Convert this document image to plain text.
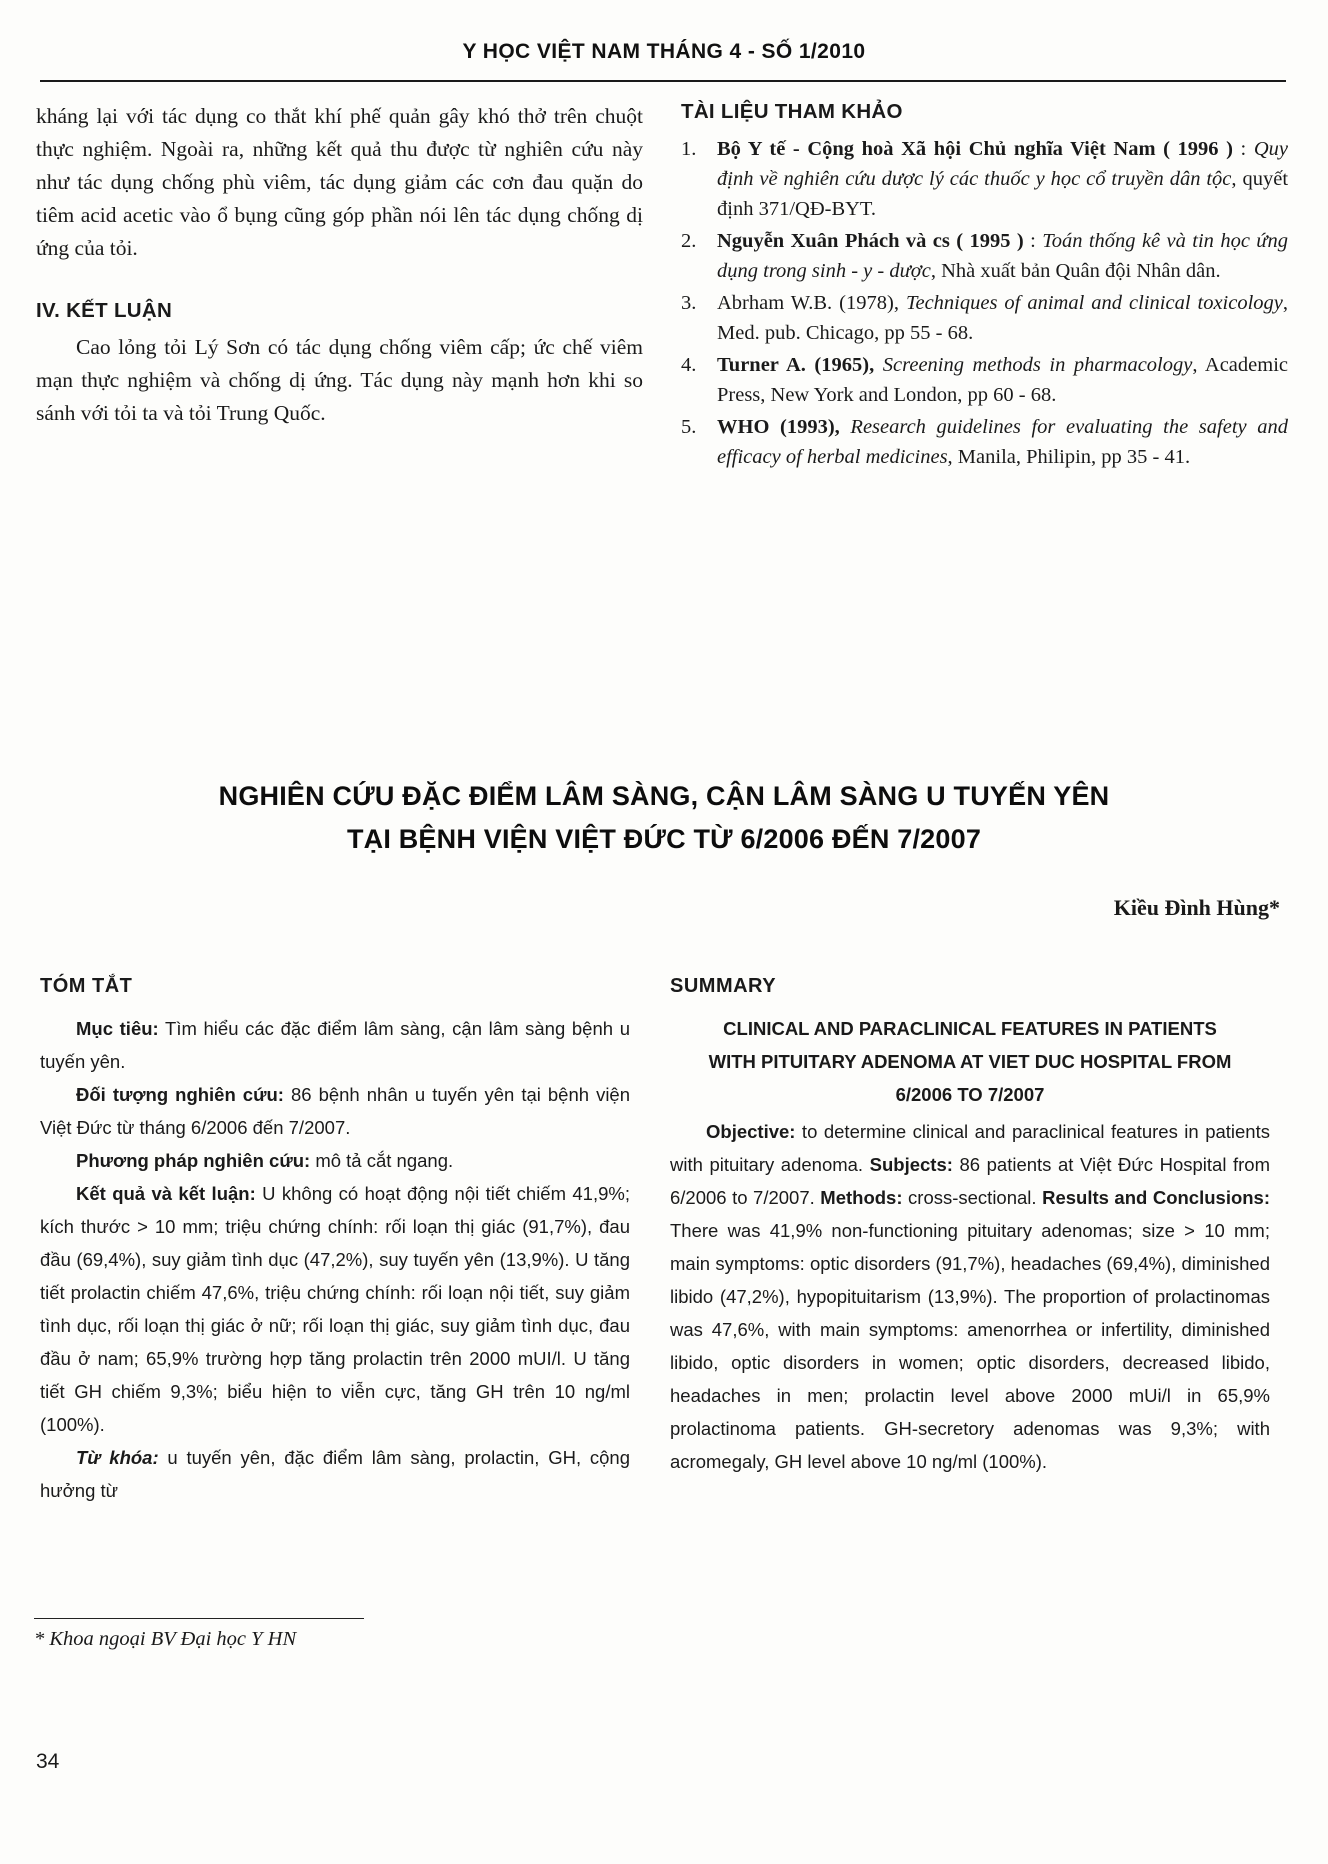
Y HỌC VIỆT NAM THÁNG 4 - SỐ 1/2010

kháng lại với tác dụng co thắt khí phế quản gây khó thở trên chuột thực nghiệm. Ngoài ra, những kết quả thu được từ nghiên cứu này như tác dụng chống phù viêm, tác dụng giảm các cơn đau quặn do tiêm acid acetic vào ổ bụng cũng góp phần nói lên tác dụng chống dị ứng của tỏi.

IV. KẾT LUẬN

Cao lỏng tỏi Lý Sơn có tác dụng chống viêm cấp; ức chế viêm mạn thực nghiệm và chống dị ứng. Tác dụng này mạnh hơn khi so sánh với tỏi ta và tỏi Trung Quốc.

TÀI LIỆU THAM KHẢO
1.	Bộ Y tế - Cộng hoà Xã hội Chủ nghĩa Việt Nam ( 1996 ) : Quy định về nghiên cứu dược lý các thuốc y học cổ truyền dân tộc, quyết định 371/QĐ-BYT.
2.	Nguyễn Xuân Phách và cs ( 1995 ) : Toán thống kê và tin học ứng dụng trong sinh - y - dược, Nhà xuất bản Quân đội Nhân dân.
3.	Abrham W.B. (1978), Techniques of animal and clinical toxicology, Med. pub. Chicago, pp 55 - 68.
4.	Turner A. (1965), Screening methods in pharmacology, Academic Press, New York and London, pp 60 - 68.
5.	WHO (1993), Research guidelines for evaluating the safety and efficacy of herbal medicines, Manila, Philipin, pp 35 - 41.
NGHIÊN CỨU ĐẶC ĐIỂM LÂM SÀNG, CẬN LÂM SÀNG U TUYẾN YÊN
TẠI BỆNH VIỆN VIỆT ĐỨC TỪ 6/2006 ĐẾN 7/2007
Kiều Đình Hùng*
TÓM TẮT

Mục tiêu: Tìm hiểu các đặc điểm lâm sàng, cận lâm sàng bệnh u tuyến yên.

Đối tượng nghiên cứu: 86 bệnh nhân u tuyến yên tại bệnh viện Việt Đức từ tháng 6/2006 đến 7/2007.

Phương pháp nghiên cứu: mô tả cắt ngang.

Kết quả và kết luận: U không có hoạt động nội tiết chiếm 41,9%; kích thước > 10 mm; triệu chứng chính: rối loạn thị giác (91,7%), đau đầu (69,4%), suy giảm tình dục (47,2%), suy tuyến yên (13,9%). U tăng tiết prolactin chiếm 47,6%, triệu chứng chính: rối loạn nội tiết, suy giảm tình dục, rối loạn thị giác ở nữ; rối loạn thị giác, suy giảm tình dục, đau đầu ở nam; 65,9% trường hợp tăng prolactin trên 2000 mUI/l. U tăng tiết GH chiếm 9,3%; biểu hiện to viễn cực, tăng GH trên 10 ng/ml (100%).

Từ khóa: u tuyến yên, đặc điểm lâm sàng, prolactin, GH, cộng hưởng từ

SUMMARY
CLINICAL AND PARACLINICAL FEATURES IN PATIENTS
WITH PITUITARY ADENOMA AT VIET DUC HOSPITAL FROM
6/2006 TO 7/2007

Objective: to determine clinical and paraclinical features in patients with pituitary adenoma. Subjects: 86 patients at Việt Đức Hospital from 6/2006 to 7/2007. Methods: cross-sectional. Results and Conclusions: There was 41,9% non-functioning pituitary adenomas; size > 10 mm; main symptoms: optic disorders (91,7%), headaches (69,4%), diminished libido (47,2%), hypopituitarism (13,9%). The proportion of prolactinomas was 47,6%, with main symptoms: amenorrhea or infertility, diminished libido, optic disorders in women; optic disorders, decreased libido, headaches in men; prolactin level above 2000 mUi/l in 65,9% prolactinoma patients. GH-secretory adenomas was 9,3%; with acromegaly, GH level above 10 ng/ml (100%).

* Khoa ngoại BV Đại học Y HN
34
